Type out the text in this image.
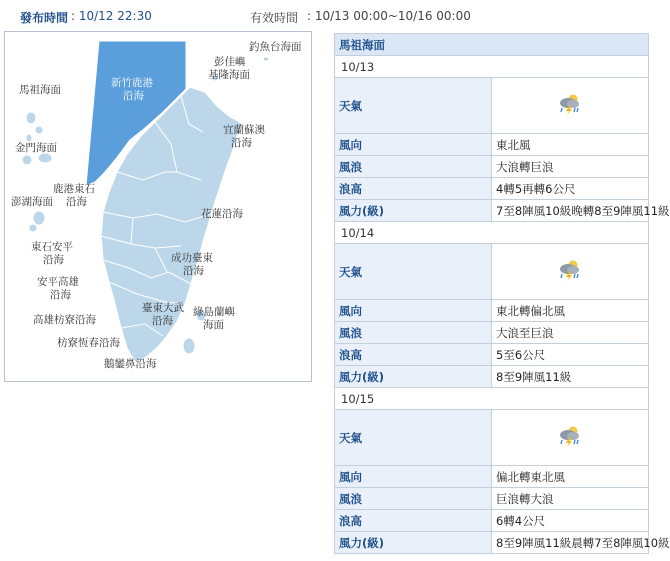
發布時間 : 10/12 22:30	有效時間 : 10/13 00:00~10/16 00:00
釣魚台海面
彭佳嶼
基隆海面
馬祖海面
新竹鹿港
沿海
宜蘭蘇澳
沿海
金門海面
鹿港東石
澎湖海面 沿海
花蓮沿海
東石安平
沿海	成功臺東
沿海
安平高雄
沿海
綠島蘭嶼
海面
臺東大武
沿海
高雄枋寮沿海
枋寮恆春沿海
鵝鑾鼻沿海
馬祖海面	
10/13	
天氣	
風向	東北風
風浪	大浪轉巨浪
浪高	4轉5再轉6公尺
風力(級)	7至8陣風10級晚轉8至9陣風11級
10/14	
天氣	
風向	東北轉偏北風
風浪	大浪至巨浪
浪高	5至6公尺
風力(級)	8至9陣風11級
10/15	
天氣	
風向	偏北轉東北風
風浪	巨浪轉大浪
浪高	6轉4公尺
風力(級)	8至9陣風11級晨轉7至8陣風10級
